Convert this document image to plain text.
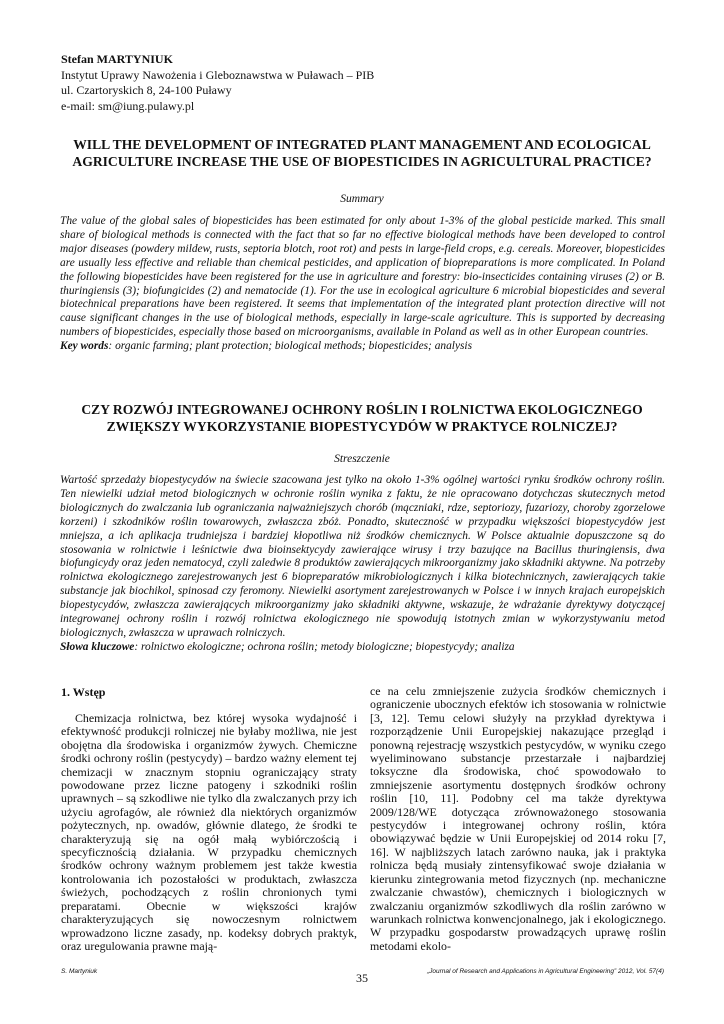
Stefan MARTYNIUK
Instytut Uprawy Nawożenia i Gleboznawstwa w Puławach – PIB
ul. Czartoryskich 8, 24-100 Puławy
e-mail: sm@iung.pulawy.pl
WILL THE DEVELOPMENT OF INTEGRATED PLANT MANAGEMENT AND ECOLOGICAL AGRICULTURE INCREASE THE USE OF BIOPESTICIDES IN AGRICULTURAL PRACTICE?
Summary

The value of the global sales of biopesticides has been estimated for only about 1-3% of the global pesticide marked. This small share of biological methods is connected with the fact that so far no effective biological methods have been developed to control major diseases (powdery mildew, rusts, septoria blotch, root rot) and pests in large-field crops, e.g. cereals. Moreover, biopesticides are usually less effective and reliable than chemical pesticides, and application of biopreparations is more complicated. In Poland the following biopesticides have been registered for the use in agriculture and forestry: bio-insecticides containing viruses (2) or B. thuringiensis (3); biofungicides (2) and nematocide (1). For the use in ecological agriculture 6 microbial biopesticides and several biotechnical preparations have been registered. It seems that implementation of the integrated plant protection directive will not cause significant changes in the use of biological methods, especially in large-scale agriculture. This is supported by decreasing numbers of biopesticides, especially those based on microorganisms, available in Poland as well as in other European countries.

Key words: organic farming; plant protection; biological methods; biopesticides; analysis

CZY ROZWÓJ INTEGROWANEJ OCHRONY ROŚLIN I ROLNICTWA EKOLOGICZNEGO ZWIĘKSZY WYKORZYSTANIE BIOPESTYCYDÓW W PRAKTYCE ROLNICZEJ?
Streszczenie

Wartość sprzedaży biopestycydów na świecie szacowana jest tylko na około 1-3% ogólnej wartości rynku środków ochrony roślin. Ten niewielki udział metod biologicznych w ochronie roślin wynika z faktu, że nie opracowano dotychczas skutecznych metod biologicznych do zwalczania lub ograniczania najważniejszych chorób (mączniaki, rdze, septoriozy, fuzariozy, choroby zgorzelowe korzeni) i szkodników roślin towarowych, zwłaszcza zbóż. Ponadto, skuteczność w przypadku większości biopestycydów jest mniejsza, a ich aplikacja trudniejsza i bardziej kłopotliwa niż środków chemicznych. W Polsce aktualnie dopuszczone są do stosowania w rolnictwie i leśnictwie dwa bioinsektycydy zawierające wirusy i trzy bazujące na Bacillus thuringiensis, dwa biofungicydy oraz jeden nematocyd, czyli zaledwie 8 produktów zawierających mikroorganizmy jako składniki aktywne. Na potrzeby rolnictwa ekologicznego zarejestrowanych jest 6 biopreparatów mikrobiologicznych i kilka biotechnicznych, zawierających takie substancje jak biochikol, spinosad czy feromony. Niewielki asortyment zarejestrowanych w Polsce i w innych krajach europejskich biopestycydów, zwłaszcza zawierających mikroorganizmy jako składniki aktywne, wskazuje, że wdrażanie dyrektywy dotyczącej integrowanej ochrony roślin i rozwój rolnictwa ekologicznego nie spowodują istotnych zmian w wykorzystywaniu metod biologicznych, zwłaszcza w uprawach rolniczych.

Słowa kluczowe: rolnictwo ekologiczne; ochrona roślin; metody biologiczne; biopestycydy; analiza

1. Wstęp

Chemizacja rolnictwa, bez której wysoka wydajność i efektywność produkcji rolniczej nie byłaby możliwa, nie jest obojętna dla środowiska i organizmów żywych. Chemiczne środki ochrony roślin (pestycydy) – bardzo ważny element tej chemizacji w znacznym stopniu ograniczający straty powodowane przez liczne patogeny i szkodniki roślin uprawnych – są szkodliwe nie tylko dla zwalczanych przy ich użyciu agrofagów, ale również dla niektórych organizmów pożytecznych, np. owadów, głównie dlatego, że środki te charakteryzują się na ogół małą wybiórczością i specyficznością działania. W przypadku chemicznych środków ochrony ważnym problemem jest także kwestia kontrolowania ich pozostałości w produktach, zwłaszcza świeżych, pochodzących z roślin chronionych tymi preparatami. Obecnie w większości krajów charakteryzujących się nowoczesnym rolnictwem wprowadzono liczne zasady, np. kodeksy dobrych praktyk, oraz uregulowania prawne mają-

ce na celu zmniejszenie zużycia środków chemicznych i ograniczenie ubocznych efektów ich stosowania w rolnictwie [3, 12]. Temu celowi służyły na przykład dyrektywa i rozporządzenie Unii Europejskiej nakazujące przegląd i ponowną rejestrację wszystkich pestycydów, w wyniku czego wyeliminowano substancje przestarzałe i najbardziej toksyczne dla środowiska, choć spowodowało to zmniejszenie asortymentu dostępnych środków ochrony roślin [10, 11]. Podobny cel ma także dyrektywa 2009/128/WE dotycząca zrównoważonego stosowania pestycydów i integrowanej ochrony roślin, która obowiązywać będzie w Unii Europejskiej od 2014 roku [7, 16]. W najbliższych latach zarówno nauka, jak i praktyka rolnicza będą musiały zintensyfikować swoje działania w kierunku zintegrowania metod fizycznych (np. mechaniczne zwalczanie chwastów), chemicznych i biologicznych w zwalczaniu organizmów szkodliwych dla roślin zarówno w warunkach rolnictwa konwencjonalnego, jak i ekologicznego. W przypadku gospodarstw prowadzących uprawę roślin metodami ekolo-

S. Martyniuk	35	„Journal of Research and Applications in Agricultural Engineering” 2012, Vol. 57(4)
